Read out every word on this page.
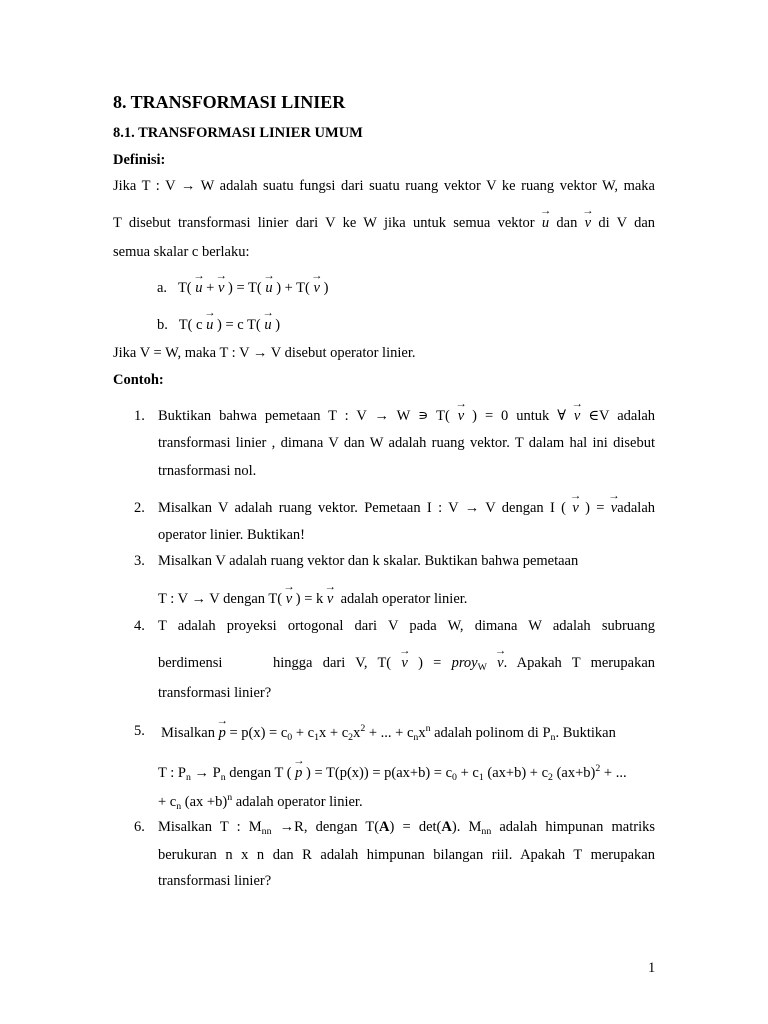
8. TRANSFORMASI LINIER
8.1. TRANSFORMASI LINIER UMUM
Definisi:
Jika T : V → W adalah suatu fungsi dari suatu ruang vektor V ke ruang vektor W, maka
T disebut transformasi linier dari V ke W jika untuk semua vektor → u dan → v di V dan
semua skalar c berlaku:
a.   T( → u + → v ) = T( → u ) + T( → v )
b.   T( c → u ) = c T( → u )
Jika V = W, maka T : V → V disebut operator linier.
Contoh:
1. Buktikan bahwa pemetaan T : V → W ∍ T( → v ) = 0 untuk ∀ → v ∈V adalah
transformasi linier , dimana V dan W adalah ruang vektor. T dalam hal ini disebut
trnasformasi nol.
2. Misalkan V adalah ruang vektor. Pemetaan I : V → V dengan I ( → v ) = → vadalah
operator linier. Buktikan!
3. Misalkan V adalah ruang vektor dan k skalar. Buktikan bahwa pemetaan
T : V → V dengan T( → v ) = k → v adalah operator linier.
4. T adalah proyeksi ortogonal dari V pada W, dimana W adalah subruang
berdimensi	hingga dari V, T( → v ) = proy$_W$ → v. Apakah T merupakan
transformasi linier?
5. Misalkan → $p = p(x) = c_0 + c_1x + c_2x^2$ + ... + $c_nx^n$ adalah polinom di $P_n$. Buktikan
T : $P_n \to P_n$ dengan T ( → p ) = $T(p(x)) = p(ax+b) = c_0 + c_1$ $(ax+b) + c_2$ $(ax+b)^2$ + ...
+ $c_n$ (ax +b)$^n$ adalah operator linier.
6. Misalkan T : $M_{nn} \to R$, dengan T(A) = det(A). $M_{nn}$ adalah himpunan matriks
berukuran n x n dan R adalah himpunan bilangan riil. Apakah T merupakan
transformasi linier?
1
